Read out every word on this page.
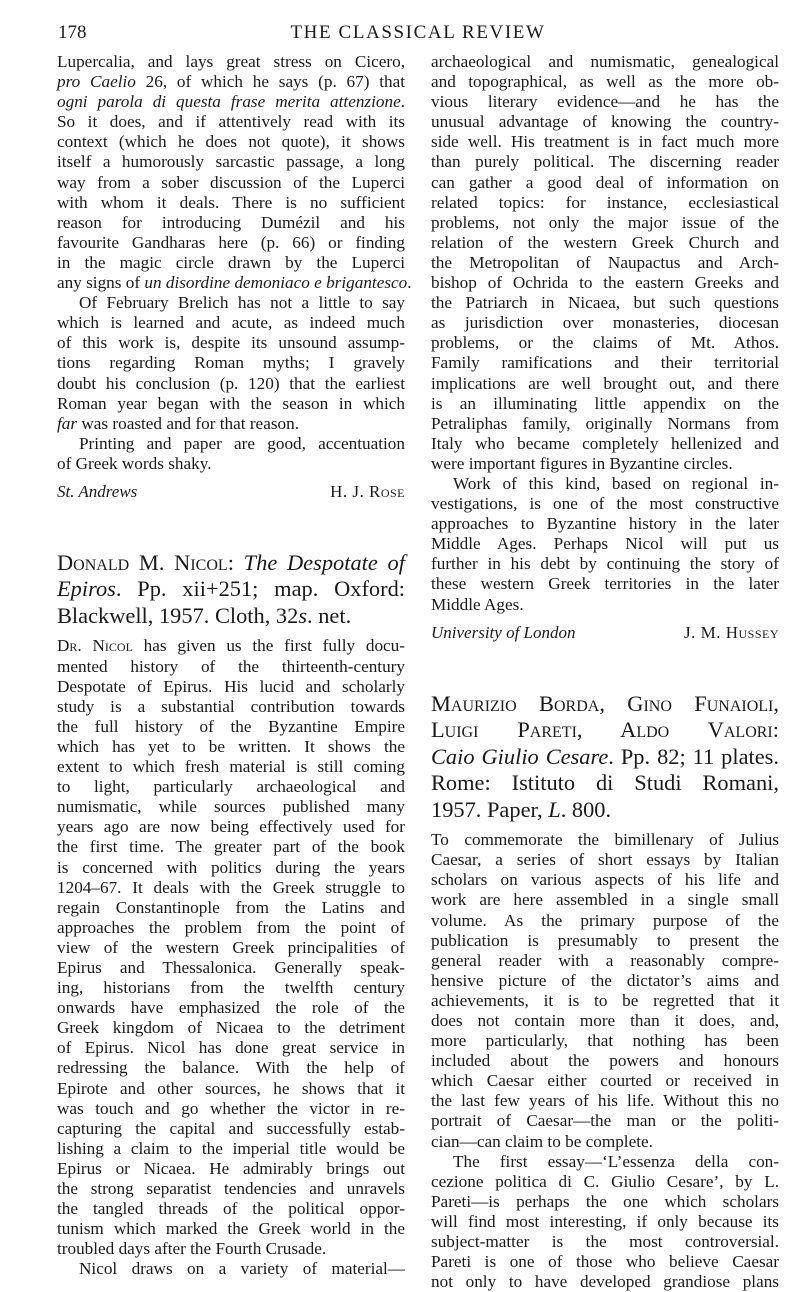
178	THE CLASSICAL REVIEW
Lupercalia, and lays great stress on Cicero,
pro Caelio 26, of which he says (p. 67) that
ogni parola di questa frase merita attenzione.
So it does, and if attentively read with its
context (which he does not quote), it shows
itself a humorously sarcastic passage, a long
way from a sober discussion of the Luperci
with whom it deals. There is no sufficient
reason for introducing Dumézil and his
favourite Gandharas here (p. 66) or finding
in the magic circle drawn by the Luperci
any signs of un disordine demoniaco e brigantesco.
Of February Brelich has not a little to say
which is learned and acute, as indeed much
of this work is, despite its unsound assump-
tions regarding Roman myths; I gravely
doubt his conclusion (p. 120) that the earliest
Roman year began with the season in which
far was roasted and for that reason.
Printing and paper are good, accentuation
of Greek words shaky.
St. Andrews	H. J. Rose
Donald M. Nicol: The Despotate of
Epiros. Pp. xii+251; map. Oxford:
Blackwell, 1957. Cloth, 32s. net.
Dr. Nicol has given us the first fully docu-
mented history of the thirteenth-century
Despotate of Epirus. His lucid and scholarly
study is a substantial contribution towards
the full history of the Byzantine Empire
which has yet to be written. It shows the
extent to which fresh material is still coming
to light, particularly archaeological and
numismatic, while sources published many
years ago are now being effectively used for
the first time. The greater part of the book
is concerned with politics during the years
1204–67. It deals with the Greek struggle to
regain Constantinople from the Latins and
approaches the problem from the point of
view of the western Greek principalities of
Epirus and Thessalonica. Generally speak-
ing, historians from the twelfth century
onwards have emphasized the role of the
Greek kingdom of Nicaea to the detriment
of Epirus. Nicol has done great service in
redressing the balance. With the help of
Epirote and other sources, he shows that it
was touch and go whether the victor in re-
capturing the capital and successfully estab-
lishing a claim to the imperial title would be
Epirus or Nicaea. He admirably brings out
the strong separatist tendencies and unravels
the tangled threads of the political oppor-
tunism which marked the Greek world in the
troubled days after the Fourth Crusade.
Nicol draws on a variety of material—
archaeological and numismatic, genealogical
and topographical, as well as the more ob-
vious literary evidence—and he has the
unusual advantage of knowing the country-
side well. His treatment is in fact much more
than purely political. The discerning reader
can gather a good deal of information on
related topics: for instance, ecclesiastical
problems, not only the major issue of the
relation of the western Greek Church and
the Metropolitan of Naupactus and Arch-
bishop of Ochrida to the eastern Greeks and
the Patriarch in Nicaea, but such questions
as jurisdiction over monasteries, diocesan
problems, or the claims of Mt. Athos.
Family ramifications and their territorial
implications are well brought out, and there
is an illuminating little appendix on the
Petraliphas family, originally Normans from
Italy who became completely hellenized and
were important figures in Byzantine circles.
Work of this kind, based on regional in-
vestigations, is one of the most constructive
approaches to Byzantine history in the later
Middle Ages. Perhaps Nicol will put us
further in his debt by continuing the story of
these western Greek territories in the later
Middle Ages.
University of London	J. M. Hussey
Maurizio Borda, Gino Funaioli,
Luigi Pareti, Aldo Valori:
Caio Giulio Cesare. Pp. 82; 11 plates.
Rome: Istituto di Studi Romani,
1957. Paper, L. 800.
To commemorate the bimillenary of Julius
Caesar, a series of short essays by Italian
scholars on various aspects of his life and
work are here assembled in a single small
volume. As the primary purpose of the
publication is presumably to present the
general reader with a reasonably compre-
hensive picture of the dictator’s aims and
achievements, it is to be regretted that it
does not contain more than it does, and,
more particularly, that nothing has been
included about the powers and honours
which Caesar either courted or received in
the last few years of his life. Without this no
portrait of Caesar—the man or the politi-
cian—can claim to be complete.
The first essay—‘L’essenza della con-
cezione politica di C. Giulio Cesare’, by L.
Pareti—is perhaps the one which scholars
will find most interesting, if only because its
subject-matter is the most controversial.
Pareti is one of those who believe Caesar
not only to have developed grandiose plans
